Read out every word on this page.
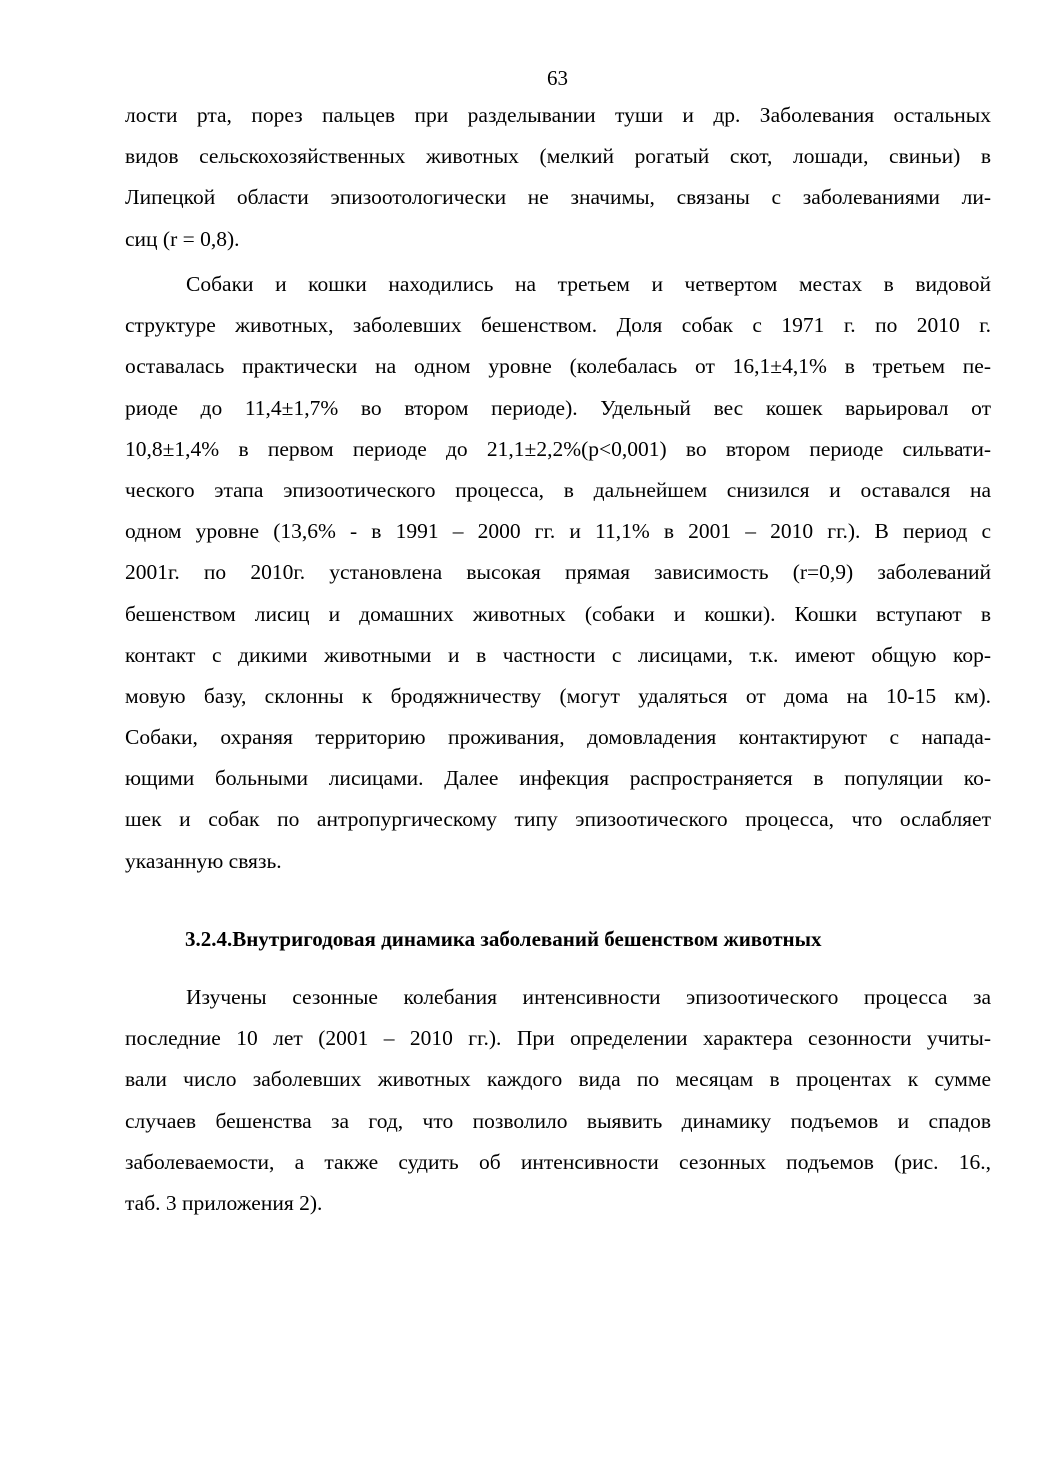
63
лости рта, порез пальцев при разделывании туши и др. Заболевания остальных
видов сельскохозяйственных животных (мелкий рогатый скот, лошади, свиньи) в
Липецкой области эпизоотологически не значимы, связаны с заболеваниями ли-
сиц (r = 0,8).
Собаки и кошки находились на третьем и четвертом местах в видовой
структуре животных, заболевших бешенством. Доля собак с 1971 г. по 2010 г.
оставалась практически на одном уровне (колебалась от 16,1±4,1% в третьем пе-
риоде до 11,4±1,7% во втором периоде). Удельный вес кошек варьировал от
10,8±1,4% в первом периоде до 21,1±2,2%(p<0,001) во втором периоде сильвати-
ческого этапа эпизоотического процесса, в дальнейшем снизился и оставался на
одном уровне (13,6% - в 1991 – 2000 гг. и 11,1% в 2001 – 2010 гг.). В период с
2001г. по 2010г. установлена высокая прямая зависимость (r=0,9) заболеваний
бешенством лисиц и домашних животных (собаки и кошки). Кошки вступают в
контакт с дикими животными и в частности с лисицами, т.к. имеют общую кор-
мовую базу, склонны к бродяжничеству (могут удаляться от дома на 10-15 км).
Собаки, охраняя территорию проживания, домовладения контактируют с напада-
ющими больными лисицами. Далее инфекция распространяется в популяции ко-
шек и собак по антропургическому типу эпизоотического процесса, что ослабляет
указанную связь.
3.2.4.Внутригодовая динамика заболеваний бешенством животных
Изучены сезонные колебания интенсивности эпизоотического процесса за
последние 10 лет (2001 – 2010 гг.). При определении характера сезонности учиты-
вали число заболевших животных каждого вида по месяцам в процентах к сумме
случаев бешенства за год, что позволило выявить динамику подъемов и спадов
заболеваемости, а также судить об интенсивности сезонных подъемов (рис. 16.,
таб. 3 приложения 2).
